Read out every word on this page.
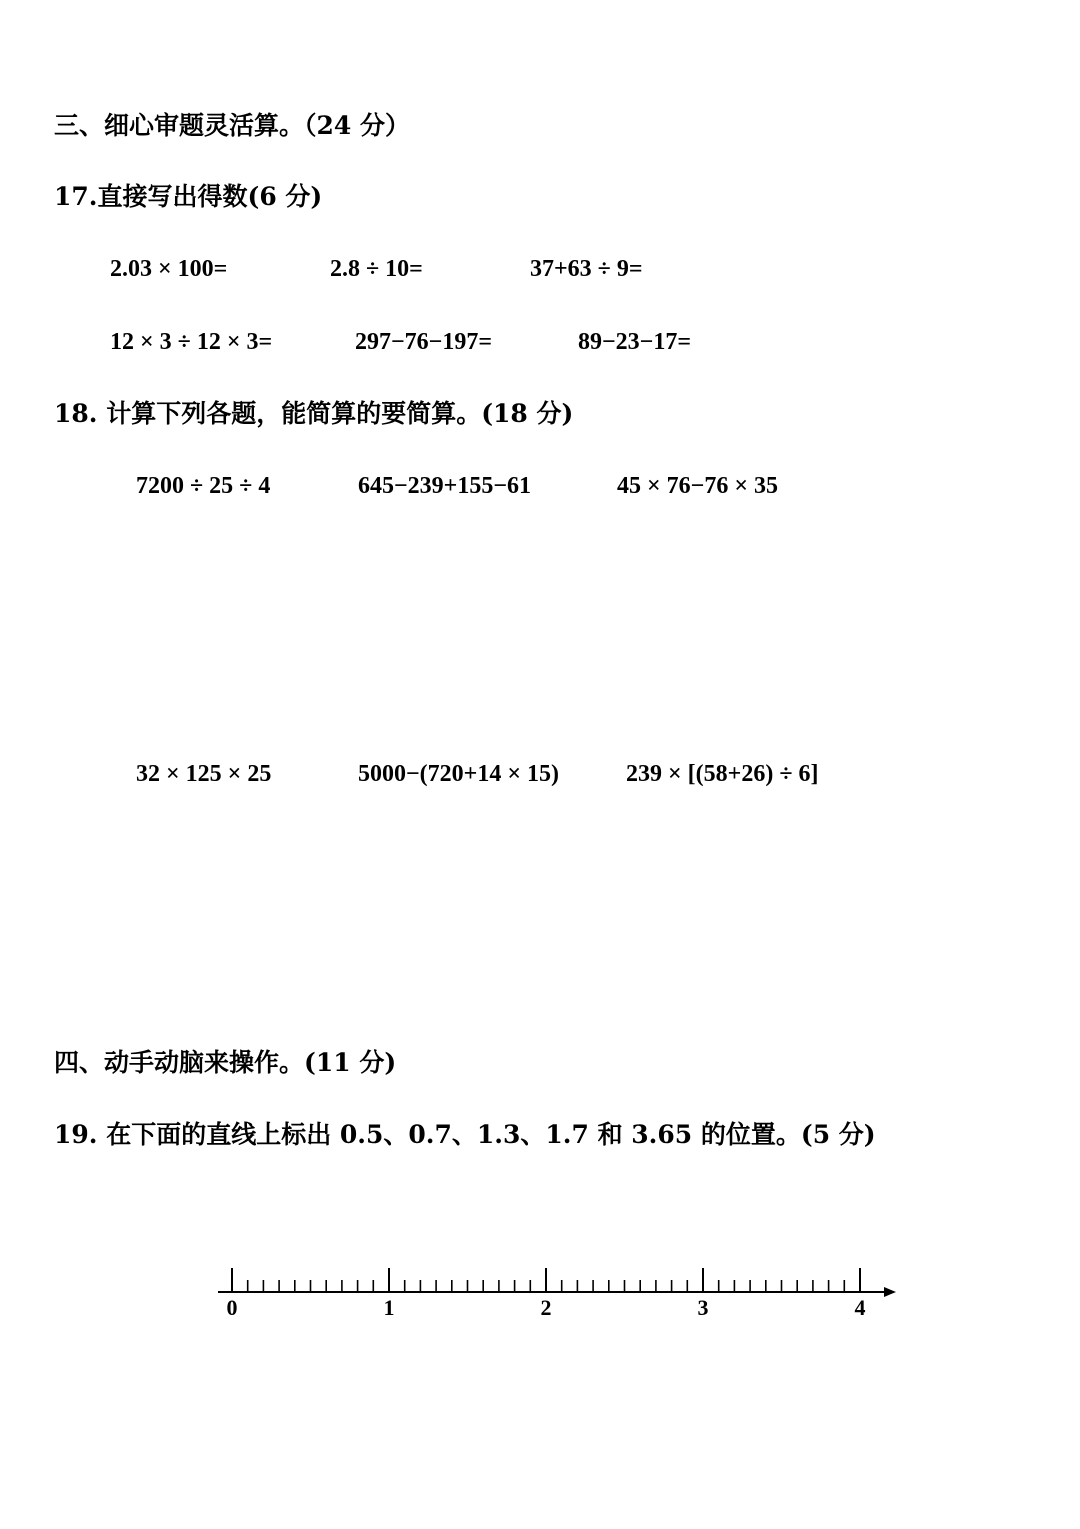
三、细心审题灵活算。（24 分）
17.直接写出得数(6 分)
2.03 × 100=	2.8 ÷ 10=	37+63 ÷ 9=
12 × 3 ÷ 12 × 3=	297−76−197=	89−23−17=
18. 计算下列各题，能简算的要简算。(18 分)
7200 ÷ 25 ÷ 4	645−239+155−61	45 × 76−76 × 35
32 × 125 × 25	5000−(720+14 × 15)	239 × [(58+26) ÷ 6]
四、动手动脑来操作。(11 分)
19. 在下面的直线上标出 0.5、0.7、1.3、1.7 和 3.65 的位置。(5 分)
0	1	2	3	4
